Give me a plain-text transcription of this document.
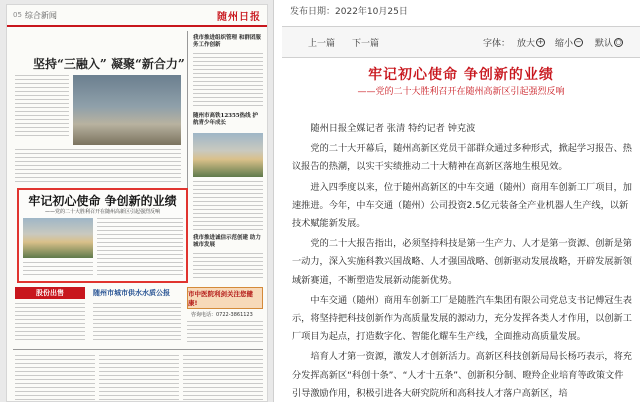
05 综合新闻	随州日报
坚持“三融入” 凝聚“新合力”
我市推进组织管理 和群团服务工作创新
随州市高铁12355热线 护航青少年成长
我市推进诚信示范创建 助力城市发展
牢记初心使命 争创新的业绩
——党的二十大胜利召开在随州高新区引起强烈反响
股份出售	随州市城市供水水质公报	市中医院利剑关注您健康!
咨询电话：0722-3861123
发布日期：2022年10月25日
上一篇 下一篇	字体： 放大 + 缩小 − 默认 ○
牢记初心使命 争创新的业绩
——党的二十大胜利召开在随州高新区引起强烈反响

随州日报全媒记者 张清 特约记者 钟克波

党的二十大开幕后，随州高新区党员干部群众通过多种形式，掀起学习报告、热议报告的热潮，以实干实绩推动二十大精神在高新区落地生根见效。

进入四季度以来，位于随州高新区的中车交通（随州）商用车创新工厂项目，加速推进。今年，中车交通（随州）公司投资2.5亿元装备全产业机器人生产线，以新技术赋能新发展。

党的二十大报告指出，必须坚持科技是第一生产力、人才是第一资源、创新是第一动力，深入实施科教兴国战略、人才强国战略、创新驱动发展战略，开辟发展新领域新赛道，不断塑造发展新动能新优势。

中车交通（随州）商用车创新工厂是随胜汽车集团有限公司党总支书记傅冠生表示，将坚持把科技创新作为高质量发展的源动力，充分发挥各类人才作用，以创新工厂项目为起点，打造数字化、智能化耀车生产线，全面推动高质量发展。

培育人才第一资源，激发人才创新活力。高新区科技创新局局长杨巧表示，将充分发挥高新区“科创十条”、“人才十五条”、创新积分制、瞪羚企业培育等政策文件引导激励作用，积极引进各大研究院所和高科技人才落户高新区，培
